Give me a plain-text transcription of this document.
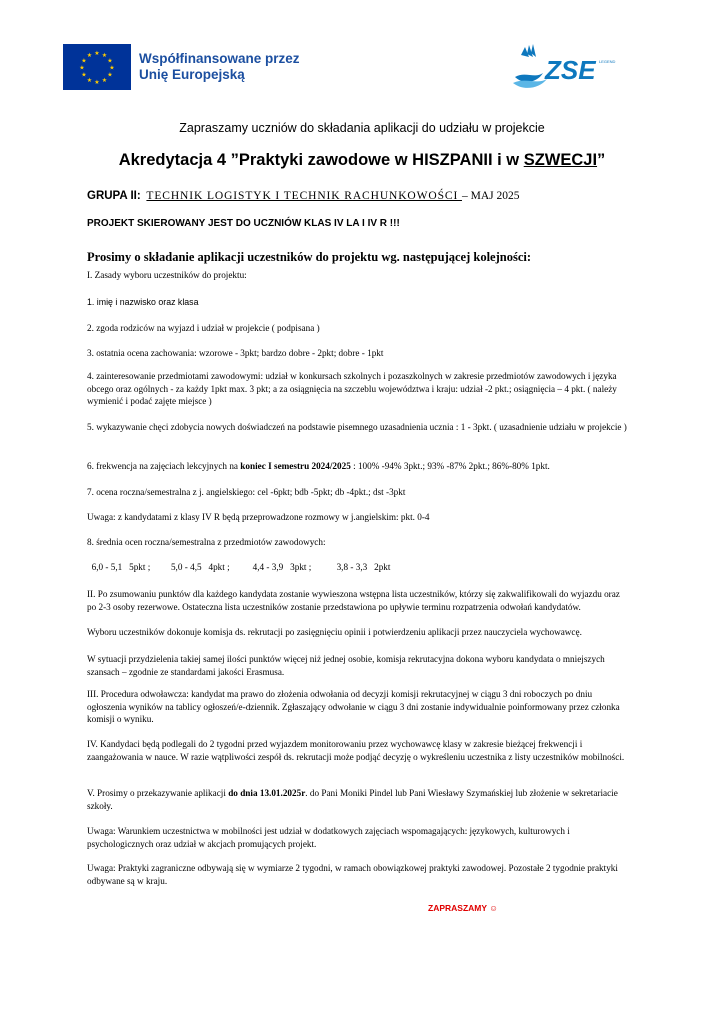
★ ★
★
★
★
★
★
★
★
★
★
★	Współfinansowane przez
Unię Europejską	ZSE LEGEND
Zapraszamy uczniów do składania aplikacji do udziału w projekcie
Akredytacja 4 ”Praktyki zawodowe w HISZPANII i w SZWECJI”
GRUPA II: TECHNIK LOGISTYK I TECHNIK RACHUNKOWOŚCI – MAJ 2025
PROJEKT SKIEROWANY JEST DO UCZNIÓW KLAS IV LA I IV R !!!
Prosimy o składanie aplikacji uczestników do projektu wg. następującej kolejności:
I. Zasady wyboru uczestników do projektu:
1. imię i nazwisko oraz klasa
2. zgoda rodziców na wyjazd i udział w projekcie ( podpisana )
3. ostatnia ocena zachowania: wzorowe - 3pkt; bardzo dobre - 2pkt; dobre - 1pkt
4. zainteresowanie przedmiotami zawodowymi: udział w konkursach szkolnych i pozaszkolnych w zakresie przedmiotów zawodowych i języka obcego oraz ogólnych - za każdy 1pkt max. 3 pkt; a za osiągnięcia na szczeblu województwa i kraju: udział -2 pkt.; osiągnięcia – 4 pkt. ( należy wymienić i podać zajęte miejsce )
5. wykazywanie chęci zdobycia nowych doświadczeń na podstawie pisemnego uzasadnienia ucznia : 1 - 3pkt. ( uzasadnienie udziału w projekcie )
6. frekwencja na zajęciach lekcyjnych na koniec I semestru 2024/2025 : 100% -94% 3pkt.; 93% -87% 2pkt.; 86%-80% 1pkt.
7. ocena roczna/semestralna z j. angielskiego: cel -6pkt; bdb -5pkt; db -4pkt.; dst -3pkt
Uwaga: z kandydatami z klasy IV R będą przeprowadzone rozmowy w j.angielskim: pkt. 0-4
8. średnia ocen roczna/semestralna z przedmiotów zawodowych:
6,0 - 5,1   5pkt ;         5,0 - 4,5   4pkt ;          4,4 - 3,9   3pkt ;           3,8 - 3,3   2pkt
II. Po zsumowaniu punktów dla każdego kandydata zostanie wywieszona wstępna lista uczestników, którzy się zakwalifikowali do wyjazdu oraz po 2-3 osoby rezerwowe. Ostateczna lista uczestników zostanie przedstawiona po upływie terminu rozpatrzenia odwołań kandydatów.
Wyboru uczestników dokonuje komisja ds. rekrutacji po zasięgnięciu opinii i potwierdzeniu aplikacji przez nauczyciela wychowawcę.
W sytuacji przydzielenia takiej samej ilości punktów więcej niż jednej osobie, komisja rekrutacyjna dokona wyboru kandydata o mniejszych szansach – zgodnie ze standardami jakości Erasmusa.
III. Procedura odwoławcza: kandydat ma prawo do złożenia odwołania od decyzji komisji rekrutacyjnej w ciągu 3 dni roboczych po dniu ogłoszenia wyników na tablicy ogłoszeń/e-dziennik. Zgłaszający odwołanie w ciągu 3 dni zostanie indywidualnie poinformowany przez członka komisji o wyniku.
IV. Kandydaci będą podlegali do 2 tygodni przed wyjazdem monitorowaniu przez wychowawcę klasy w zakresie bieżącej frekwencji i zaangażowania w nauce. W razie wątpliwości zespół ds. rekrutacji może podjąć decyzję o wykreśleniu uczestnika z listy uczestników mobilności.
V. Prosimy o przekazywanie aplikacji do dnia 13.01.2025r. do Pani Moniki Pindel lub Pani Wiesławy Szymańskiej lub złożenie w sekretariacie szkoły.
Uwaga: Warunkiem uczestnictwa w mobilności jest udział w dodatkowych zajęciach wspomagających: językowych, kulturowych i psychologicznych oraz udział w akcjach promujących projekt.
Uwaga: Praktyki zagraniczne odbywają się w wymiarze 2 tygodni, w ramach obowiązkowej praktyki zawodowej. Pozostałe 2 tygodnie praktyki odbywane są w kraju.
ZAPRASZAMY ☺
